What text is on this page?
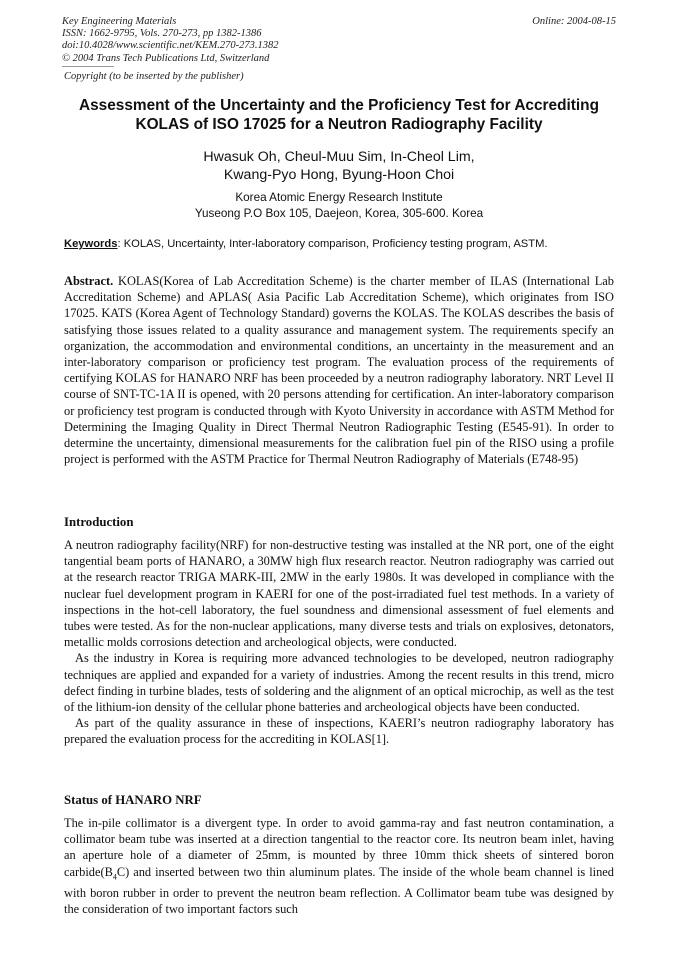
Key Engineering Materials
ISSN: 1662-9795, Vols. 270-273, pp 1382-1386
doi:10.4028/www.scientific.net/KEM.270-273.1382
© 2004 Trans Tech Publications Ltd, Switzerland
Online: 2004-08-15
Copyright (to be inserted by the publisher)
Assessment of the Uncertainty and the Proficiency Test for Accrediting
KOLAS of ISO 17025 for a Neutron Radiography Facility
Hwasuk Oh, Cheul-Muu Sim, In-Cheol Lim,
Kwang-Pyo Hong, Byung-Hoon Choi
Korea Atomic Energy Research Institute
Yuseong P.O Box 105, Daejeon, Korea, 305-600. Korea
Keywords: KOLAS, Uncertainty, Inter-laboratory comparison, Proficiency testing program, ASTM.

Abstract. KOLAS(Korea of Lab Accreditation Scheme) is the charter member of ILAS (International Lab Accreditation Scheme) and APLAS( Asia Pacific Lab Accreditation Scheme), which originates from ISO 17025. KATS (Korea Agent of Technology Standard) governs the KOLAS. The KOLAS describes the basis of satisfying those issues related to a quality assurance and management system. The requirements specify an organization, the accommodation and environmental conditions, an uncertainty in the measurement and an inter-laboratory comparison or proficiency test program. The evaluation process of the requirements of certifying KOLAS for HANARO NRF has been proceeded by a neutron radiography laboratory. NRT Level II course of SNT-TC-1A II is opened, with 20 persons attending for certification. An inter-laboratory comparison or proficiency test program is conducted through with Kyoto University in accordance with ASTM Method for Determining the Imaging Quality in Direct Thermal Neutron Radiographic Testing (E545-91). In order to determine the uncertainty, dimensional measurements for the calibration fuel pin of the RISO using a profile project is performed with the ASTM Practice for Thermal Neutron Radiography of Materials (E748-95)

Introduction

A neutron radiography facility(NRF) for non-destructive testing was installed at the NR port, one of the eight tangential beam ports of HANARO, a 30MW high flux research reactor. Neutron radiography was carried out at the research reactor TRIGA MARK-III, 2MW in the early 1980s. It was developed in compliance with the nuclear fuel development program in KAERI for one of the post-irradiated fuel test methods. In a variety of inspections in the hot-cell laboratory, the fuel soundness and dimensional assessment of fuel elements and tubes were tested. As for the non-nuclear applications, many diverse tests and trials on explosives, detonators, metallic molds corrosions detection and archeological objects, were conducted.

As the industry in Korea is requiring more advanced technologies to be developed, neutron radiography techniques are applied and expanded for a variety of industries. Among the recent results in this trend, micro defect finding in turbine blades, tests of soldering and the alignment of an optical microchip, as well as the test of the lithium-ion density of the cellular phone batteries and archeological objects have been conducted.

As part of the quality assurance in these of inspections, KAERI’s neutron radiography laboratory has prepared the evaluation process for the accrediting in KOLAS[1].

Status of HANARO NRF

The in-pile collimator is a divergent type. In order to avoid gamma-ray and fast neutron contamination, a collimator beam tube was inserted at a direction tangential to the reactor core. Its neutron beam inlet, having an aperture hole of a diameter of 25mm, is mounted by three 10mm thick sheets of sintered boron $carbide(B_4C)$ and inserted between two thin aluminum plates. The inside of the whole beam channel is lined with boron rubber in order to prevent the neutron beam reflection. A Collimator beam tube was designed by the consideration of two important factors such
